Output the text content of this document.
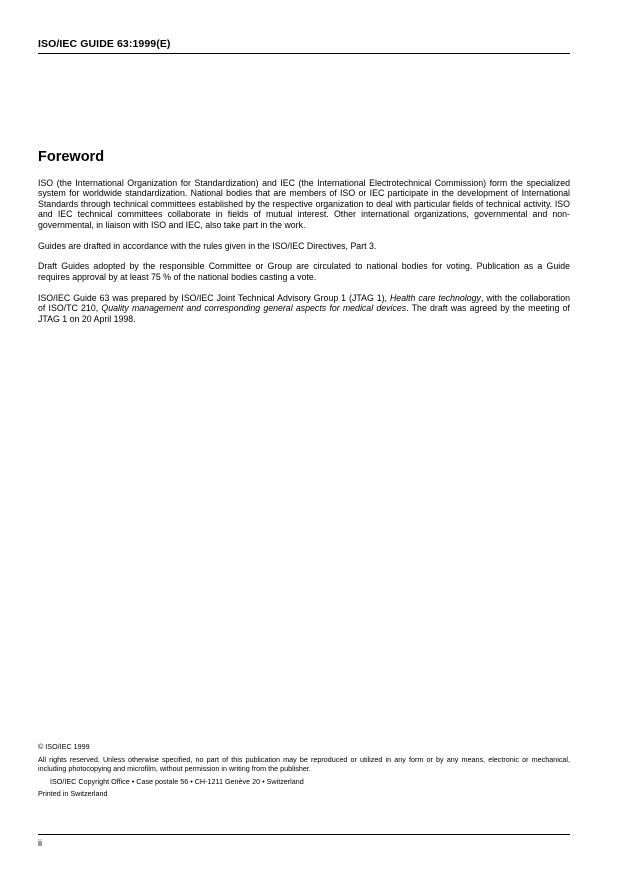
ISO/IEC GUIDE 63:1999(E)
Foreword

ISO (the International Organization for Standardization) and IEC (the International Electrotechnical Commission) form the specialized system for worldwide standardization. National bodies that are members of ISO or IEC participate in the development of International Standards through technical committees established by the respective organization to deal with particular fields of technical activity. ISO and IEC technical committees collaborate in fields of mutual interest. Other international organizations, governmental and non-governmental, in liaison with ISO and IEC, also take part in the work.

Guides are drafted in accordance with the rules given in the ISO/IEC Directives, Part 3.

Draft Guides adopted by the responsible Committee or Group are circulated to national bodies for voting. Publication as a Guide requires approval by at least 75 % of the national bodies casting a vote.

ISO/IEC Guide 63 was prepared by ISO/IEC Joint Technical Advisory Group 1 (JTAG 1), Health care technology, with the collaboration of ISO/TC 210, Quality management and corresponding general aspects for medical devices. The draft was agreed by the meeting of JTAG 1 on 20 April 1998.

© ISO/IEC 1999

All rights reserved. Unless otherwise specified, no part of this publication may be reproduced or utilized in any form or by any means, electronic or mechanical, including photocopying and microfilm, without permission in writing from the publisher.

ISO/IEC Copyright Office • Case postale 56 • CH-1211 Genève 20 • Switzerland

Printed in Switzerland

ii
